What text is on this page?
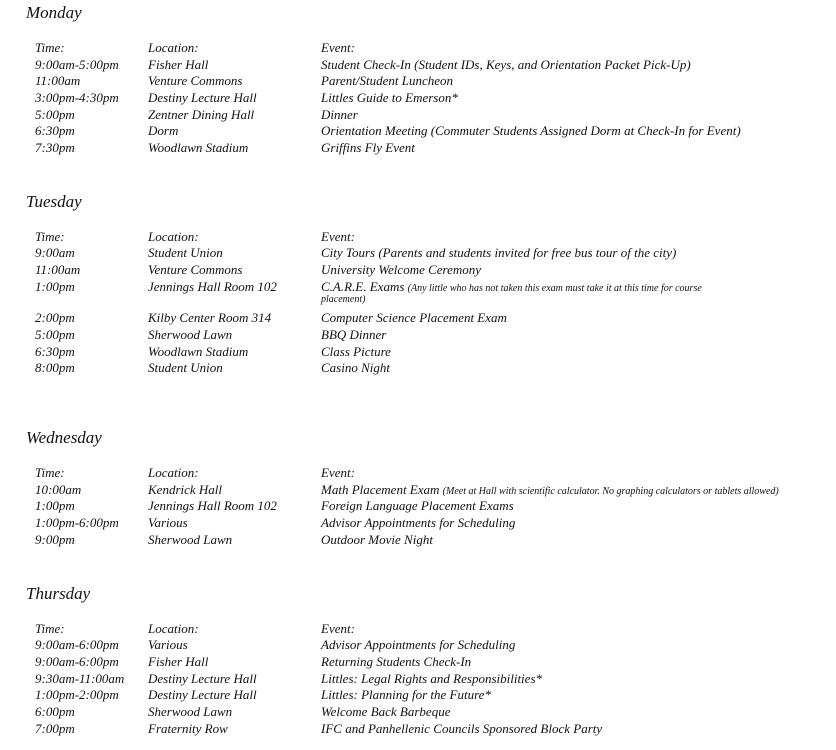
Monday
Time:	Location:	Event:
9:00am-5:00pm Fisher Hall	Student Check-In (Student IDs, Keys, and Orientation Packet Pick-Up)
11:00am	Venture Commons	Parent/Student Luncheon
3:00pm-4:30pm Destiny Lecture Hall	Littles Guide to Emerson*
5:00pm	Zentner Dining Hall	Dinner
6:30pm	Dorm	Orientation Meeting (Commuter Students Assigned Dorm at Check-In for Event)
7:30pm	Woodlawn Stadium	Griffins Fly Event
Tuesday
Time:	Location:	Event:
9:00am	Student Union	City Tours (Parents and students invited for free bus tour of the city)
11:00am	Venture Commons	University Welcome Ceremony
1:00pm	Jennings Hall Room 102	C.A.R.E. Exams (Any little who has not taken this exam must take it at this time for course
placement)
2:00pm	Kilby Center Room 314	Computer Science Placement Exam
5:00pm	Sherwood Lawn	BBQ Dinner
6:30pm	Woodlawn Stadium	Class Picture
8:00pm	Student Union	Casino Night
Wednesday
Time:	Location:	Event:
10:00am	Kendrick Hall	Math Placement Exam (Meet at Hall with scientific calculator. No graphing calculators or tablets allowed)
1:00pm	Jennings Hall Room 102	Foreign Language Placement Exams
1:00pm-6:00pm Various	Advisor Appointments for Scheduling
9:00pm	Sherwood Lawn	Outdoor Movie Night
Thursday
Time:	Location:	Event:
9:00am-6:00pm Various	Advisor Appointments for Scheduling
9:00am-6:00pm Fisher Hall	Returning Students Check-In
9:30am-11:00am Destiny Lecture Hall	Littles: Legal Rights and Responsibilities*
1:00pm-2:00pm Destiny Lecture Hall	Littles: Planning for the Future*
6:00pm	Sherwood Lawn	Welcome Back Barbeque
7:00pm	Fraternity Row	IFC and Panhellenic Councils Sponsored Block Party
